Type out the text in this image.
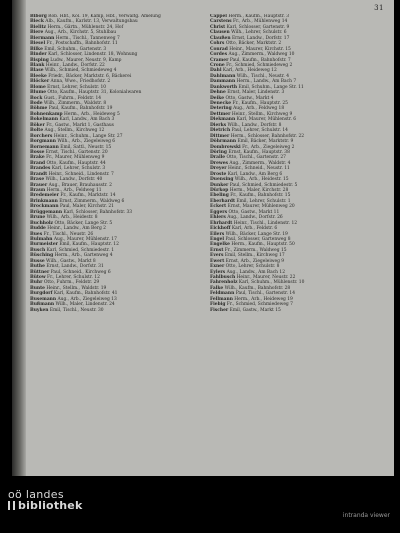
31

Biborg Rob. Hbf., Kol. 19, Kamp, Hbf., Verwaltg. Amelung

Bieck Alb., Kaufm., Karlstr. 13, Verwaltungsbau

Bielitz Herm., Gärtn., Mühlenstr. 24, Hof

Biere Aug., Arb., Kirchstr. 5, Stuhlbau

Biermann Herm., Tischl., Tannenweg 7

Biesel Fr., Postschaffn., Bahnhofstr. 11

Bilke Emil, Schuhm., Gartenstr. 3

Binder Karl, Schlosser, Lindenstr. 18, Wohnung

Bisping Ludw., Maurer, Neustr. 9, Kamp

Blank Heinr., Landw., Dorfstr. 22

Blase Wilh., Schmied, Schmiedeweg 4

Bleeke Friedr., Bäcker, Marktstr. 6, Bäckerei

Blöcker Anna, Wwe., Friedhofstr. 2

Blome Ernst, Lehrer, Schulstr. 10

Blume Otto, Kaufm., Hauptstr. 31, Kolonialwaren

Bock Gust., Fuhrm., Feldstr. 14

Bode Wilh., Zimmerm., Waldstr. 8

Böhme Paul, Kaufm., Bahnhofstr. 19

Bohnenkamp Herm., Arb., Heideweg 5

Bokelmann Karl, Landw., Am Bach 3

Böker Fr., Gastw., Markt 1, Gasthaus

Bolte Aug., Stellm., Kirchweg 12

Borchers Heinr., Schuhm., Lange Str. 27

Borgmann Wilh., Arb., Ziegeleiweg 6

Bornemann Emil, Sattl., Neustr. 15

Bosse Ernst, Tischl., Gartenstr. 20

Brake Fr., Maurer, Mühlenweg 9

Brand Otto, Kaufm., Hauptstr. 44

Brandes Karl, Lehrer, Schulstr. 3

Brandt Heinr., Schneid., Lindenstr. 7

Brase Wilh., Landw., Dorfstr. 40

Brauer Aug., Brauer, Brauhausstr. 2

Braun Herm., Arb., Feldweg 11

Bredemeier Fr., Kaufm., Marktstr. 14

Brinkmann Ernst, Zimmerm., Waldweg 6

Brockmann Paul, Maler, Kirchstr. 21

Brüggemann Karl, Schlosser, Bahnhofstr. 33

Brune Wilh., Arb., Heidestr. 8

Buchholz Otto, Bäcker, Lange Str. 5

Budde Heinr., Landw., Am Berg 2

Bues Fr., Tischl., Neustr. 26

Bulmahn Aug., Maurer, Mühlenstr. 17

Burmeister Emil, Kaufm., Hauptstr. 12

Busch Karl, Schmied, Schmiedestr. 1

Büsching Herm., Arb., Gartenweg 4

Busse Wilh., Gastw., Markt 8

Buthe Ernst, Landw., Dorfstr. 31

Büttner Paul, Schneid., Kirchweg 6

Bütow Fr., Lehrer, Schulstr. 12

Buhr Otto, Fuhrm., Feldstr. 29

Bunte Heinr., Stellm., Waldstr. 19

Burgdorf Karl, Kaufm., Bahnhofstr. 41

Busemann Aug., Arb., Ziegeleiweg 13

Bußmann Wilh., Maler, Lindenstr. 24

Buyken Emil, Tischl., Neustr. 30

Cappel Herm., Kaufm., Hauptstr. 3

Carstens Fr., Arb., Mühlenweg 14

Christ Karl, Schlosser, Gartenstr. 9

Clausen Wilh., Lehrer, Schulstr. 6

Claußen Ernst, Landw., Dorfstr. 17

Cohrs Otto, Bäcker, Marktstr. 2

Conrad Heinr., Maurer, Kirchstr. 15

Cordes Aug., Zimmerm., Waldweg 10

Cramer Paul, Kaufm., Bahnhofstr. 7

Crone Fr., Schmied, Schmiedeweg 2

Dahl Karl, Arb., Heideweg 12

Dahlmann Wilh., Tischl., Neustr. 4

Dammann Herm., Landw., Am Bach 7

Dankworth Emil, Schuhm., Lange Str. 11

Dehne Ernst, Maler, Lindenstr. 3

Deike Otto, Gastw., Markt 4

Denecke Fr., Kaufm., Hauptstr. 25

Detering Aug., Arb., Feldweg 18

Dettmer Heinr., Stellm., Kirchweg 9

Diekmann Karl, Maurer, Mühlenstr. 6

Dierks Wilh., Landw., Dorfstr. 8

Dietrich Paul, Lehrer, Schulstr. 14

Dittmer Herm., Schlosser, Bahnhofstr. 22

Döhrmann Emil, Bäcker, Marktstr. 9

Dombrowski Fr., Arb., Ziegeleiweg 2

Döring Ernst, Kaufm., Hauptstr. 38

Dralle Otto, Tischl., Gartenstr. 27

Drewes Aug., Zimmerm., Waldstr. 4

Dreyer Heinr., Schneid., Neustr. 11

Droste Karl, Landw., Am Berg 6

Duensing Wilh., Arb., Heidestr. 15

Dunker Paul, Schmied, Schmiedestr. 5

Dürkop Herm., Maler, Kirchstr. 28

Ebeling Fr., Kaufm., Bahnhofstr. 15

Eberhardt Emil, Lehrer, Schulstr. 1

Eckert Ernst, Maurer, Mühlenweg 20

Eggers Otto, Gastw., Markt 11

Ehlers Aug., Landw., Dorfstr. 26

Ehrhardt Heinr., Tischl., Lindenstr. 12

Eickhoff Karl, Arb., Feldstr. 6

Eilers Wilh., Bäcker, Lange Str. 19

Engel Paul, Schlosser, Gartenweg 8

Engelke Herm., Kaufm., Hauptstr. 50

Ernst Fr., Zimmerm., Waldweg 15

Evers Emil, Stellm., Kirchweg 17

Ewert Ernst, Arb., Ziegeleiweg 9

Exner Otto, Lehrer, Schulstr. 8

Eylers Aug., Landw., Am Bach 12

Fahlbusch Heinr., Maurer, Neustr. 22

Fahrenholz Karl, Schuhm., Mühlenstr. 10

Falke Wilh., Kaufm., Bahnhofstr. 28

Feldmann Paul, Tischl., Gartenstr. 14

Fellmann Herm., Arb., Heideweg 19

Fiebig Fr., Schmied, Schmiedeweg 7

Fischer Emil, Gastw., Markt 15

oö landes
bibliothek
intranda viewer
